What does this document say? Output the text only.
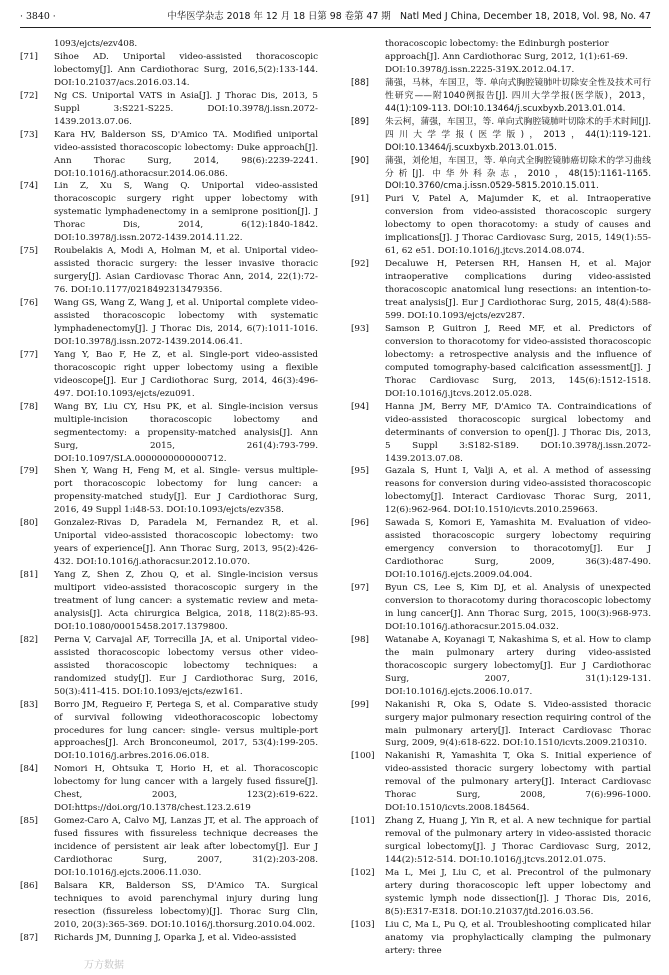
· 3840 ·	中华医学杂志 2018 年 12 月 18 日第 98 卷第 47 期　Natl Med J China, December 18, 2018, Vol. 98, No. 47
1093/ejcts/ezv408.
[71]	Sihoe AD. Uniportal video-assisted thoracoscopic lobectomy[J]. Ann Cardiothorac Surg, 2016,5(2):133-144. DOI:10.21037/acs.2016.03.14.
[72]	Ng CS. Uniportal VATS in Asia[J]. J Thorac Dis, 2013, 5 Suppl 3:S221-S225. DOI:10.3978/j.issn.2072-1439.2013.07.06.
[73]	Kara HV, Balderson SS, D'Amico TA. Modified uniportal video-assisted thoracoscopic lobectomy: Duke approach[J]. Ann Thorac Surg, 2014, 98(6):2239-2241. DOI:10.1016/j.athoracsur.2014.06.086.
[74]	Lin Z, Xu S, Wang Q. Uniportal video-assisted thoracoscopic surgery right upper lobectomy with systematic lymphadenectomy in a semiprone position[J]. J Thorac Dis, 2014, 6(12):1840-1842. DOI:10.3978/j.issn.2072-1439.2014.11.22.
[75]	Roubelakis A, Modi A, Holman M, et al. Uniportal video-assisted thoracic surgery: the lesser invasive thoracic surgery[J]. Asian Cardiovasc Thorac Ann, 2014, 22(1):72-76. DOI:10.1177/0218492313479356.
[76]	Wang GS, Wang Z, Wang J, et al. Uniportal complete video-assisted thoracoscopic lobectomy with systematic lymphadenectomy[J]. J Thorac Dis, 2014, 6(7):1011-1016. DOI:10.3978/j.issn.2072-1439.2014.06.41.
[77]	Yang Y, Bao F, He Z, et al. Single-port video-assisted thoracoscopic right upper lobectomy using a flexible videoscope[J]. Eur J Cardiothorac Surg, 2014, 46(3):496-497. DOI:10.1093/ejcts/ezu091.
[78]	Wang BY, Liu CY, Hsu PK, et al. Single-incision versus multiple-incision thoracoscopic lobectomy and segmentectomy: a propensity-matched analysis[J]. Ann Surg, 2015, 261(4):793-799. DOI:10.1097/SLA.0000000000000712.
[79]	Shen Y, Wang H, Feng M, et al. Single- versus multiple-port thoracoscopic lobectomy for lung cancer: a propensity-matched study[J]. Eur J Cardiothorac Surg, 2016, 49 Suppl 1:i48-53. DOI:10.1093/ejcts/ezv358.
[80]	Gonzalez-Rivas D, Paradela M, Fernandez R, et al. Uniportal video-assisted thoracoscopic lobectomy: two years of experience[J]. Ann Thorac Surg, 2013, 95(2):426-432. DOI:10.1016/j.athoracsur.2012.10.070.
[81]	Yang Z, Shen Z, Zhou Q, et al. Single-incision versus multiport video-assisted thoracoscopic surgery in the treatment of lung cancer: a systematic review and meta-analysis[J]. Acta chirurgica Belgica, 2018, 118(2):85-93. DOI:10.1080/00015458.2017.1379800.
[82]	Perna V, Carvajal AF, Torrecilla JA, et al. Uniportal video-assisted thoracoscopic lobectomy versus other video-assisted thoracoscopic lobectomy techniques: a randomized study[J]. Eur J Cardiothorac Surg, 2016, 50(3):411-415. DOI:10.1093/ejcts/ezw161.
[83]	Borro JM, Regueiro F, Pertega S, et al. Comparative study of survival following videothoracoscopic lobectomy procedures for lung cancer: single- versus multiple-port approaches[J]. Arch Bronconeumol, 2017, 53(4):199-205. DOI:10.1016/j.arbres.2016.06.018.
[84]	Nomori H, Ohtsuka T, Horio H, et al. Thoracoscopic lobectomy for lung cancer with a largely fused fissure[J]. Chest, 2003, 123(2):619-622. DOI:https://doi.org/10.1378/chest.123.2.619
[85]	Gomez-Caro A, Calvo MJ, Lanzas JT, et al. The approach of fused fissures with fissureless technique decreases the incidence of persistent air leak after lobectomy[J]. Eur J Cardiothorac Surg, 2007, 31(2):203-208. DOI:10.1016/j.ejcts.2006.11.030.
[86]	Balsara KR, Balderson SS, D'Amico TA. Surgical techniques to avoid parenchymal injury during lung resection (fissureless lobectomy)[J]. Thorac Surg Clin, 2010, 20(3):365-369. DOI:10.1016/j.thorsurg.2010.04.002.
[87]	Richards JM, Dunning J, Oparka J, et al. Video-assisted
thoracoscopic lobectomy: the Edinburgh posterior approach[J]. Ann Cardiothorac Surg, 2012, 1(1):61-69. DOI:10.3978/j.issn.2225-319X.2012.04.17.
[88]	蒲强，马林，车国卫，等. 单向式胸腔镜肺叶切除安全性及技术可行性研究——附1040例报告[J]. 四川大学学报(医学版)，2013，44(1):109-113. DOI:10.13464/j.scuxbyxb.2013.01.014.
[89]	朱云柯，蒲强，车国卫，等. 单向式胸腔镜肺叶切除术的手术时间[J]. 四川大学学报(医学版)，2013，44(1):119-121. DOI:10.13464/j.scuxbyxb.2013.01.015.
[90]	蒲强，刘伦旭，车国卫，等. 单向式全胸腔镜肺癌切除术的学习曲线分析[J]. 中华外科杂志，2010，48(15):1161-1165. DOI:10.3760/cma.j.issn.0529-5815.2010.15.011.
[91]	Puri V, Patel A, Majumder K, et al. Intraoperative conversion from video-assisted thoracoscopic surgery lobectomy to open thoracotomy: a study of causes and implications[J]. J Thorac Cardiovasc Surg, 2015, 149(1):55-61, 62 e51. DOI:10.1016/j.jtcvs.2014.08.074.
[92]	Decaluwe H, Petersen RH, Hansen H, et al. Major intraoperative complications during video-assisted thoracoscopic anatomical lung resections: an intention-to-treat analysis[J]. Eur J Cardiothorac Surg, 2015, 48(4):588-599. DOI:10.1093/ejcts/ezv287.
[93]	Samson P, Guitron J, Reed MF, et al. Predictors of conversion to thoracotomy for video-assisted thoracoscopic lobectomy: a retrospective analysis and the influence of computed tomography-based calcification assessment[J]. J Thorac Cardiovasc Surg, 2013, 145(6):1512-1518. DOI:10.1016/j.jtcvs.2012.05.028.
[94]	Hanna JM, Berry MF, D'Amico TA. Contraindications of video-assisted thoracoscopic surgical lobectomy and determinants of conversion to open[J]. J Thorac Dis, 2013, 5 Suppl 3:S182-S189. DOI:10.3978/j.issn.2072-1439.2013.07.08.
[95]	Gazala S, Hunt I, Valji A, et al. A method of assessing reasons for conversion during video-assisted thoracoscopic lobectomy[J]. Interact Cardiovasc Thorac Surg, 2011, 12(6):962-964. DOI:10.1510/icvts.2010.259663.
[96]	Sawada S, Komori E, Yamashita M. Evaluation of video-assisted thoracoscopic surgery lobectomy requiring emergency conversion to thoracotomy[J]. Eur J Cardiothorac Surg, 2009, 36(3):487-490. DOI:10.1016/j.ejcts.2009.04.004.
[97]	Byun CS, Lee S, Kim DJ, et al. Analysis of unexpected conversion to thoracotomy during thoracoscopic lobectomy in lung cancer[J]. Ann Thorac Surg, 2015, 100(3):968-973. DOI:10.1016/j.athoracsur.2015.04.032.
[98]	Watanabe A, Koyanagi T, Nakashima S, et al. How to clamp the main pulmonary artery during video-assisted thoracoscopic surgery lobectomy[J]. Eur J Cardiothorac Surg, 2007, 31(1):129-131. DOI:10.1016/j.ejcts.2006.10.017.
[99]	Nakanishi R, Oka S, Odate S. Video-assisted thoracic surgery major pulmonary resection requiring control of the main pulmonary artery[J]. Interact Cardiovasc Thorac Surg, 2009, 9(4):618-622. DOI:10.1510/icvts.2009.210310.
[100]	Nakanishi R, Yamashita T, Oka S. Initial experience of video-assisted thoracic surgery lobectomy with partial removal of the pulmonary artery[J]. Interact Cardiovasc Thorac Surg, 2008, 7(6):996-1000. DOI:10.1510/icvts.2008.184564.
[101]	Zhang Z, Huang J, Yin R, et al. A new technique for partial removal of the pulmonary artery in video-assisted thoracic surgical lobectomy[J]. J Thorac Cardiovasc Surg, 2012, 144(2):512-514. DOI:10.1016/j.jtcvs.2012.01.075.
[102]	Ma L, Mei J, Liu C, et al. Precontrol of the pulmonary artery during thoracoscopic left upper lobectomy and systemic lymph node dissection[J]. J Thorac Dis, 2016, 8(5):E317-E318. DOI:10.21037/jtd.2016.03.56.
[103]	Liu C, Ma L, Pu Q, et al. Troubleshooting complicated hilar anatomy via prophylactically clamping the pulmonary artery: three
万方数据
